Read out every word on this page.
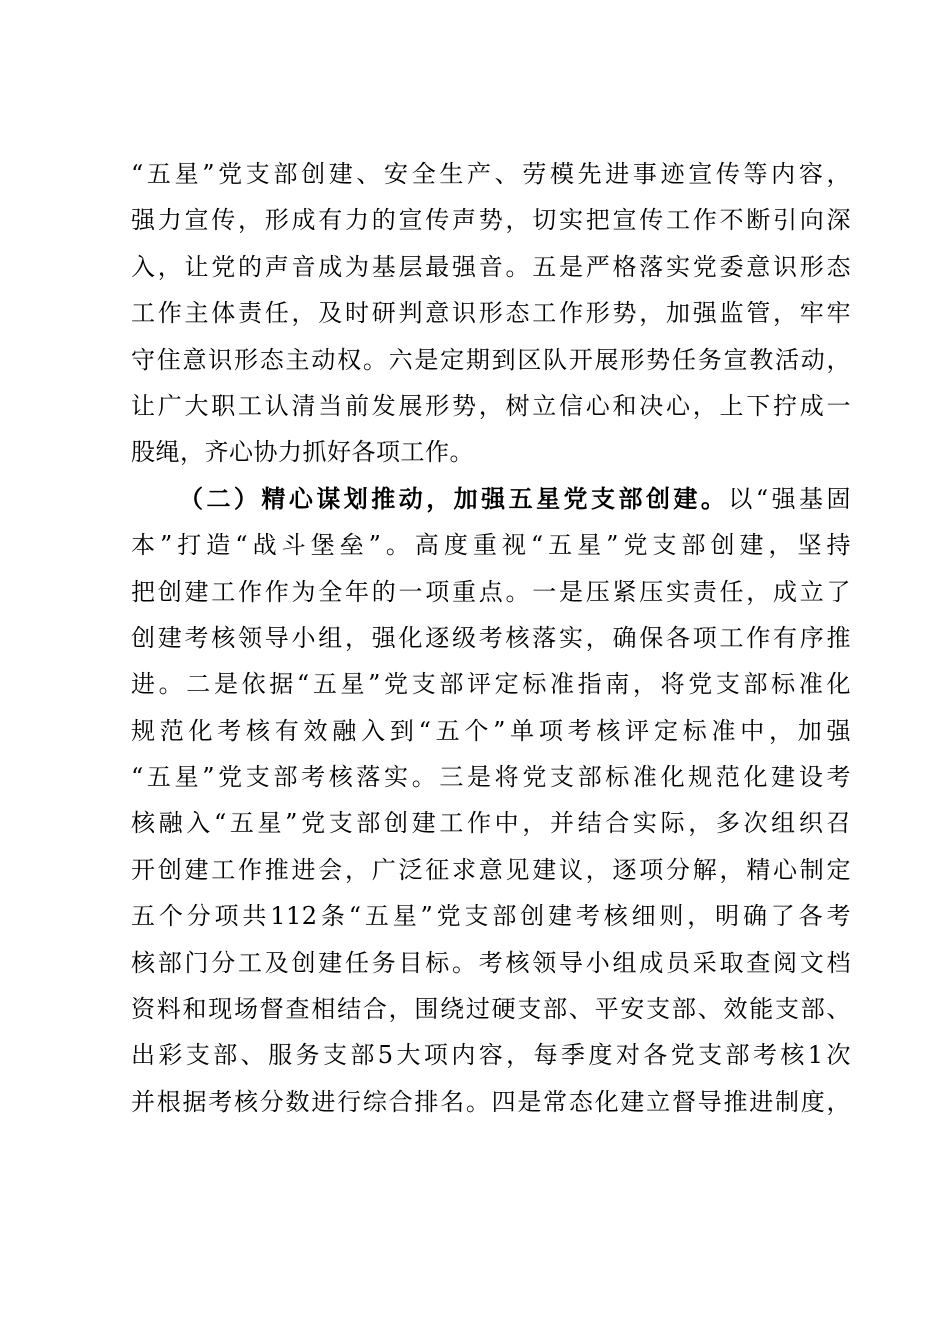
“五星”党支部创建、安全生产、劳模先进事迹宣传等内容，
强力宣传，形成有力的宣传声势，切实把宣传工作不断引向深
入，让党的声音成为基层最强音。五是严格落实党委意识形态
工作主体责任，及时研判意识形态工作形势，加强监管，牢牢
守住意识形态主动权。六是定期到区队开展形势任务宣教活动，
让广大职工认清当前发展形势，树立信心和决心，上下拧成一
股绳，齐心协力抓好各项工作。
（二）精心谋划推动，加强五星党支部创建。以“强基固
本”打造“战斗堡垒”。高度重视“五星”党支部创建，坚持
把创建工作作为全年的一项重点。一是压紧压实责任，成立了
创建考核领导小组，强化逐级考核落实，确保各项工作有序推
进。二是依据“五星”党支部评定标准指南，将党支部标准化
规范化考核有效融入到“五个”单项考核评定标准中，加强
“五星”党支部考核落实。三是将党支部标准化规范化建设考
核融入“五星”党支部创建工作中，并结合实际，多次组织召
开创建工作推进会，广泛征求意见建议，逐项分解，精心制定
五个分项共112条“五星”党支部创建考核细则，明确了各考
核部门分工及创建任务目标。考核领导小组成员采取查阅文档
资料和现场督查相结合，围绕过硬支部、平安支部、效能支部、
出彩支部、服务支部5大项内容，每季度对各党支部考核1次
并根据考核分数进行综合排名。四是常态化建立督导推进制度，
